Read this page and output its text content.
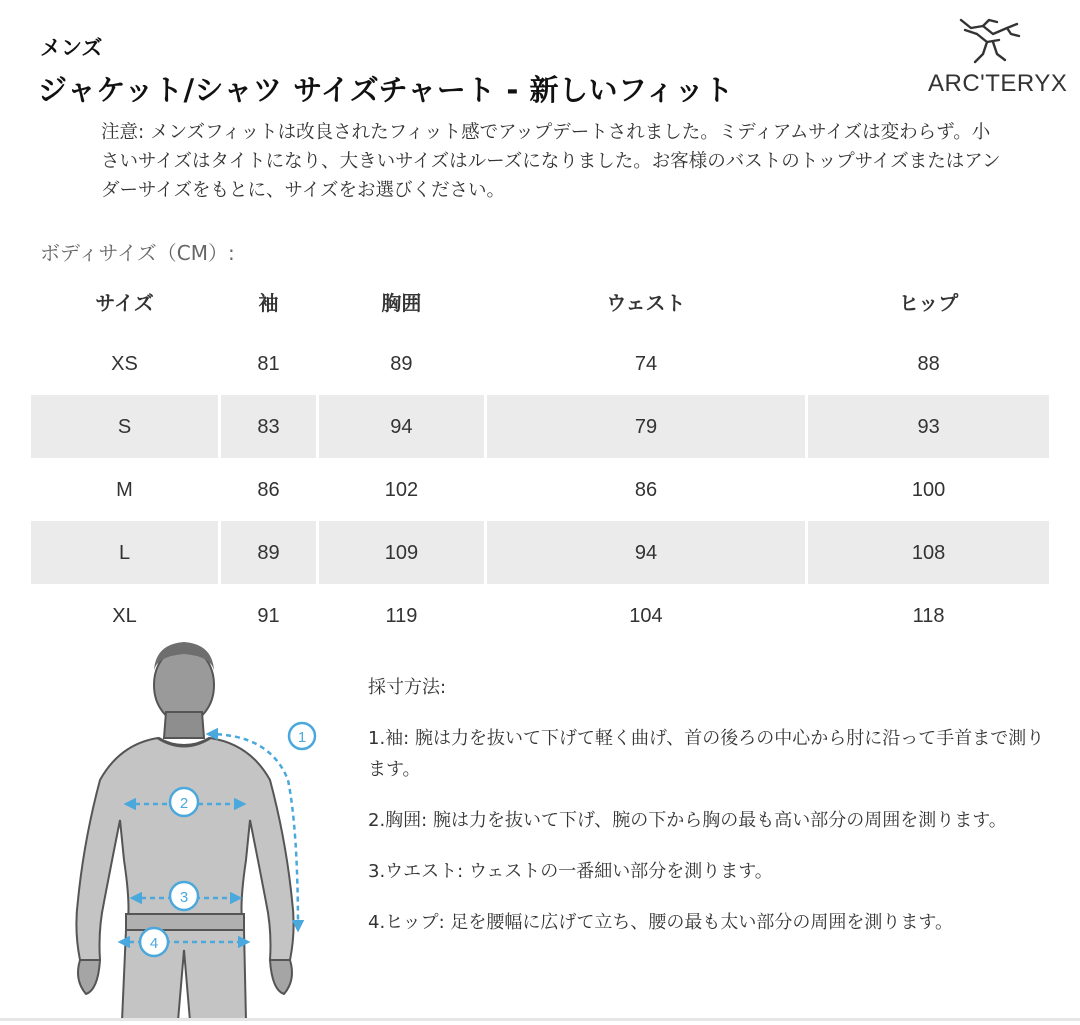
メンズ
ジャケット/シャツ サイズチャート - 新しいフィット	ARC'TERYX
注意: メンズフィットは改良されたフィット感でアップデートされました。ミディアムサイズは変わらず。小さいサイズはタイトになり、大きいサイズはルーズになりました。お客様のバストのトップサイズまたはアンダーサイズをもとに、サイズをお選びください。
ボディサイズ（CM）:
サイズ	袖	胸囲	ウェスト	ヒップ
XS	81	89	74	88
S	83	94	79	93
M	86	102	86	100
L	89	109	94	108
XL	91	119	104	118
1
2
3
4
採寸方法:
1.袖: 腕は力を抜いて下げて軽く曲げ、首の後ろの中心から肘に沿って手首まで測ります。
2.胸囲: 腕は力を抜いて下げ、腕の下から胸の最も高い部分の周囲を測ります。
3.ウエスト: ウェストの一番細い部分を測ります。
4.ヒップ: 足を腰幅に広げて立ち、腰の最も太い部分の周囲を測ります。
